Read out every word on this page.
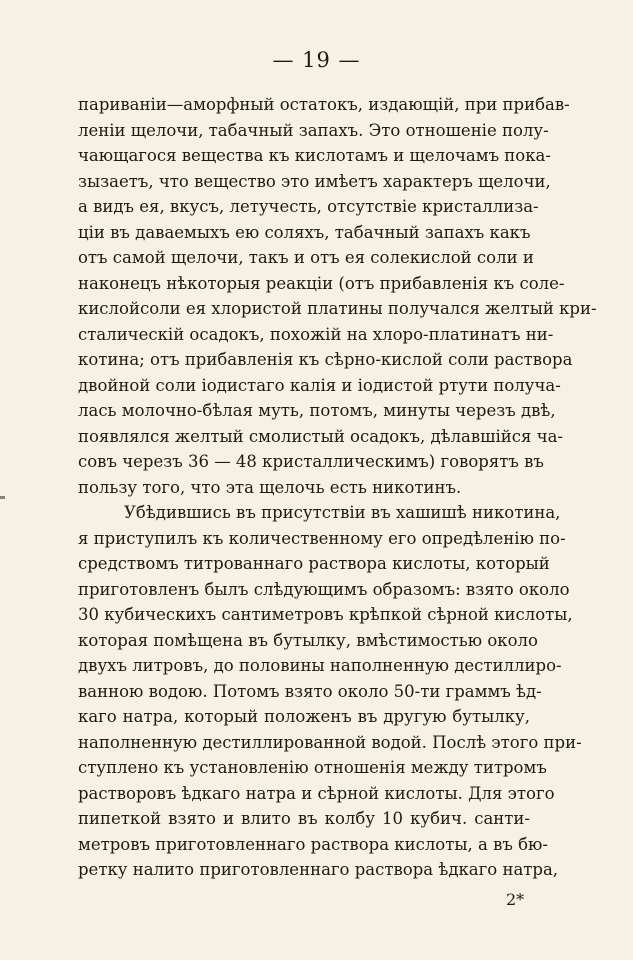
— 19 —
париваніи—аморфный остатокъ, издающій, при прибав-
леніи щелочи, табачный запахъ. Это отношеніе полу-
чающагося вещества къ кислотамъ и щелочамъ пока-
зызаетъ, что вещество это имѣетъ характеръ щелочи,
а видъ ея, вкусъ, летучесть, отсутствіе кристаллиза-
ціи въ даваемыхъ ею соляхъ, табачный запахъ какъ
отъ самой щелочи, такъ и отъ ея солекислой соли и
наконецъ нѣкоторыя реакціи (отъ прибавленія къ соле-
кислойсоли ея хлористой платины получался желтый кри-
сталическій осадокъ, похожій на хлоро-платинатъ ни-
котина; отъ прибавленія къ сѣрно-кислой соли раствора
двойной соли іодистаго калія и іодистой ртути получа-
лась молочно-бѣлая муть, потомъ, минуты черезъ двѣ,
появлялся желтый смолистый осадокъ, дѣлавшійся ча-
совъ черезъ 36 — 48 кристаллическимъ) говорятъ въ
пользу того, что эта щелочь есть никотинъ.
Убѣдившись въ присутствіи въ хашишѣ никотина,
я приступилъ къ количественному его опредѣленію по-
средствомъ титрованнаго раствора кислоты, который
приготовленъ былъ слѣдующимъ образомъ: взято около
30 кубическихъ сантиметровъ крѣпкой сѣрной кислоты,
которая помѣщена въ бутылку, вмѣстимостью около
двухъ литровъ, до половины наполненную дестиллиро-
ванною водою. Потомъ взято около 50-ти граммъ ѣд-
каго натра, который положенъ въ другую бутылку,
наполненную дестиллированной водой. Послѣ этого при-
ступлено къ установленію отношенія между титромъ
растворовъ ѣдкаго натра и сѣрной кислоты. Для этого
пипеткой взято и влито въ колбу 10 кубич. санти-
метровъ приготовленнаго раствора кислоты, а въ бю-
ретку налито приготовленнаго раствора ѣдкаго натра,
2*
